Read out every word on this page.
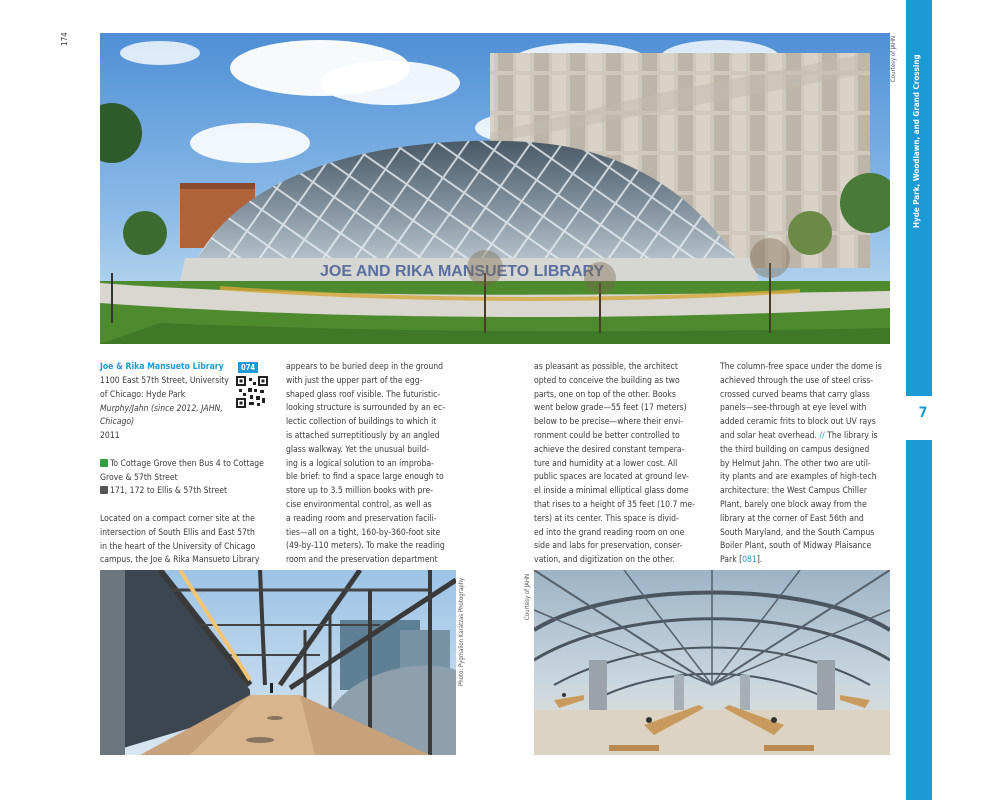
174
7
Hyde Park, Woodlawn, and Grand Crossing
JOE AND RIKA MANSUETO LIBRARY
Courtesy of JAHN
Joe & Rika Mansueto Library	074
1100 East 57th Street, University
of Chicago: Hyde Park
Murphy/Jahn (since 2012, JAHN,
Chicago)
2011
To Cottage Grove then Bus 4 to Cottage
Grove & 57th Street
171, 172 to Ellis & 57th Street
Located on a compact corner site at the
intersection of South Ellis and East 57th
in the heart of the University of Chicago
campus, the Joe & Rika Mansueto Library
appears to be buried deep in the ground
with just the upper part of the egg-
shaped glass roof visible. The futuristic-
looking structure is surrounded by an ec-
lectic collection of buildings to which it
is attached surreptitiously by an angled
glass walkway. Yet the unusual build-
ing is a logical solution to an improba-
ble brief: to find a space large enough to
store up to 3.5 million books with pre-
cise environmental control, as well as
a reading room and preservation facili-
ties—all on a tight, 160-by-360-foot site
(49-by-110 meters). To make the reading
room and the preservation department
as pleasant as possible, the architect
opted to conceive the building as two
parts, one on top of the other. Books
went below grade—55 feet (17 meters)
below to be precise—where their envi-
ronment could be better controlled to
achieve the desired constant tempera-
ture and humidity at a lower cost. All
public spaces are located at ground lev-
el inside a minimal elliptical glass dome
that rises to a height of 35 feet (10.7 me-
ters) at its center. This space is divid-
ed into the grand reading room on one
side and labs for preservation, conser-
vation, and digitization on the other.
The column-free space under the dome is
achieved through the use of steel criss-
crossed curved beams that carry glass
panels—see-through at eye level with
added ceramic frits to block out UV rays
and solar heat overhead. // The library is
the third building on campus designed
by Helmut Jahn. The other two are util-
ity plants and are examples of high-tech
architecture: the West Campus Chiller
Plant, barely one block away from the
library at the corner of East 56th and
South Maryland, and the South Campus
Boiler Plant, south of Midway Plaisance
Park [081].
Photo: Pygmalion Karatzas Photography	Courtesy of JAHN
